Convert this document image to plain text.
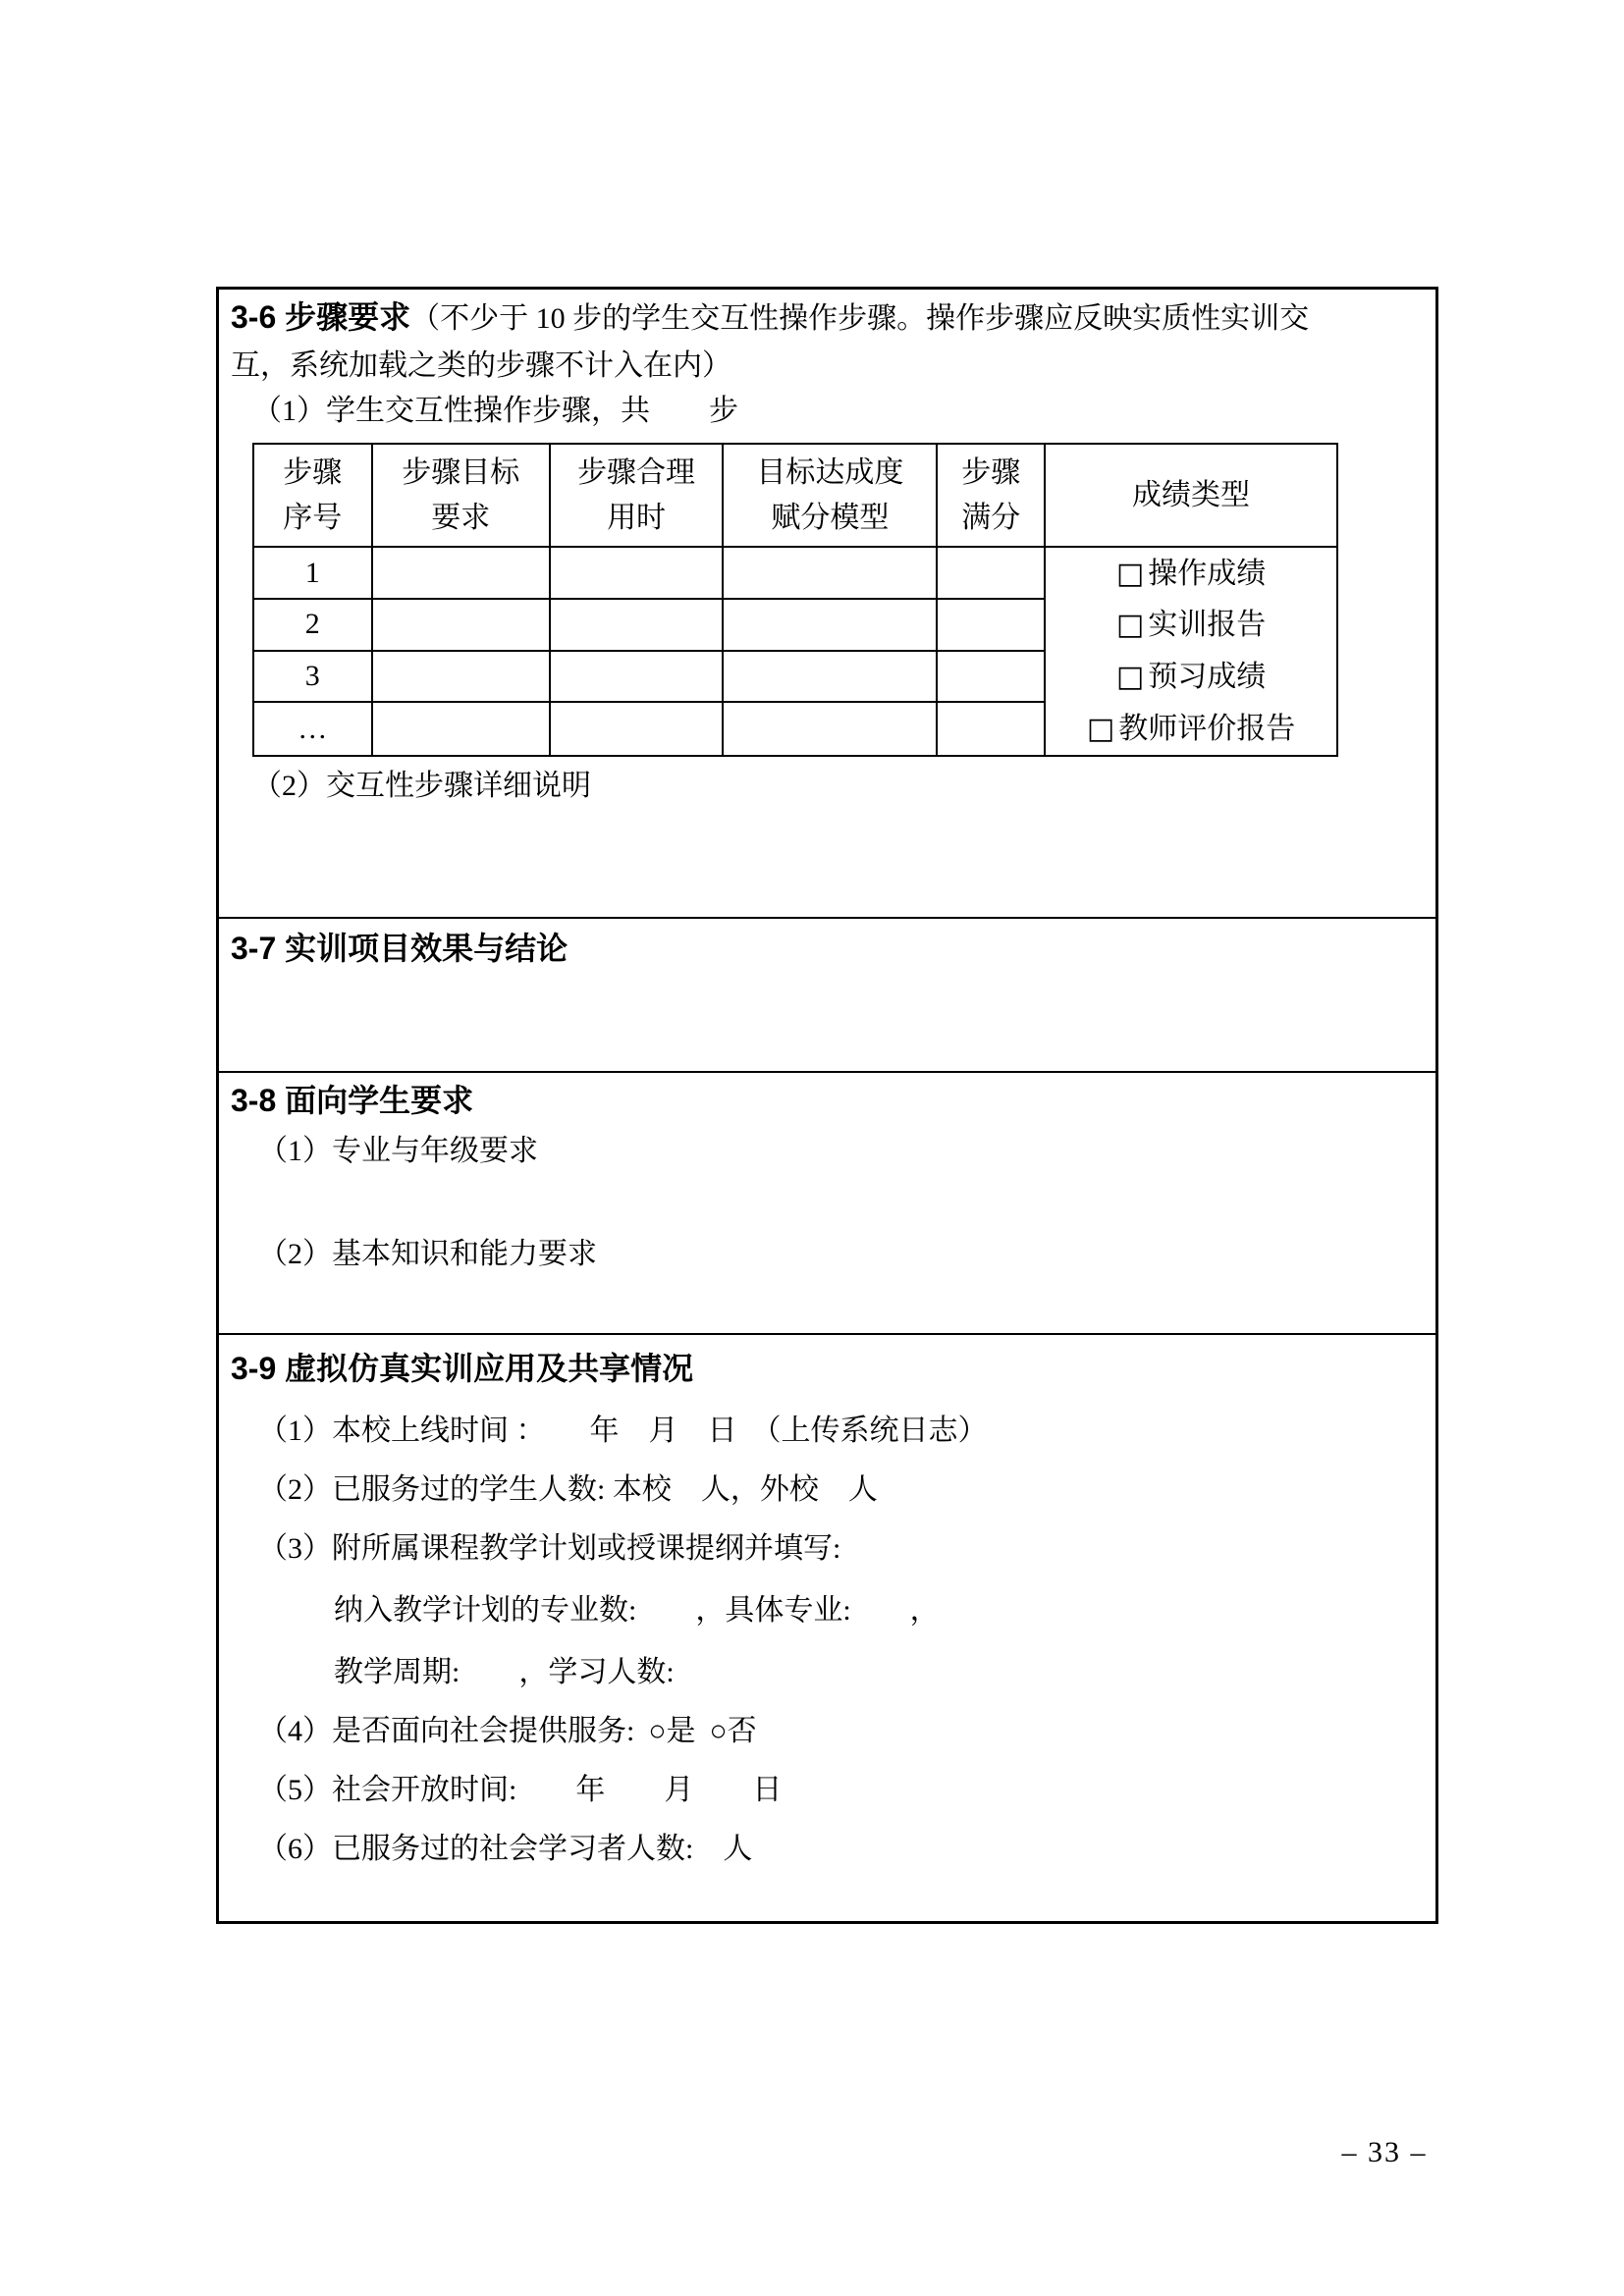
3-6 步骤要求（不少于 10 步的学生交互性操作步骤。操作步骤应反映实质性实训交
互，系统加载之类的步骤不计入在内）
（1）学生交互性操作步骤，共　　步
步骤
序号
步骤目标
要求
步骤合理
用时
目标达成度
赋分模型
步骤
满分
成绩类型
1	□ 操作成绩
□ 实训报告
□ 预习成绩
□ 教师评价报告
2
3
…
（2）交互性步骤详细说明
3-7 实训项目效果与结论
3-8 面向学生要求
（1）专业与年级要求
（2）基本知识和能力要求
3-9 虚拟仿真实训应用及共享情况
（1）本校上线时间 ：　　年　月　日　（上传系统日志）
（2）已服务过的学生人数: 本校　人，外校　人
（3）附所属课程教学计划或授课提纲并填写:
纳入教学计划的专业数:　　，具体专业:　　，
教学周期:　　，学习人数:
（4）是否面向社会提供服务: ○是 ○否
（5）社会开放时间:　　年　　月　　日
（6）已服务过的社会学习者人数:　人
– 33 –
